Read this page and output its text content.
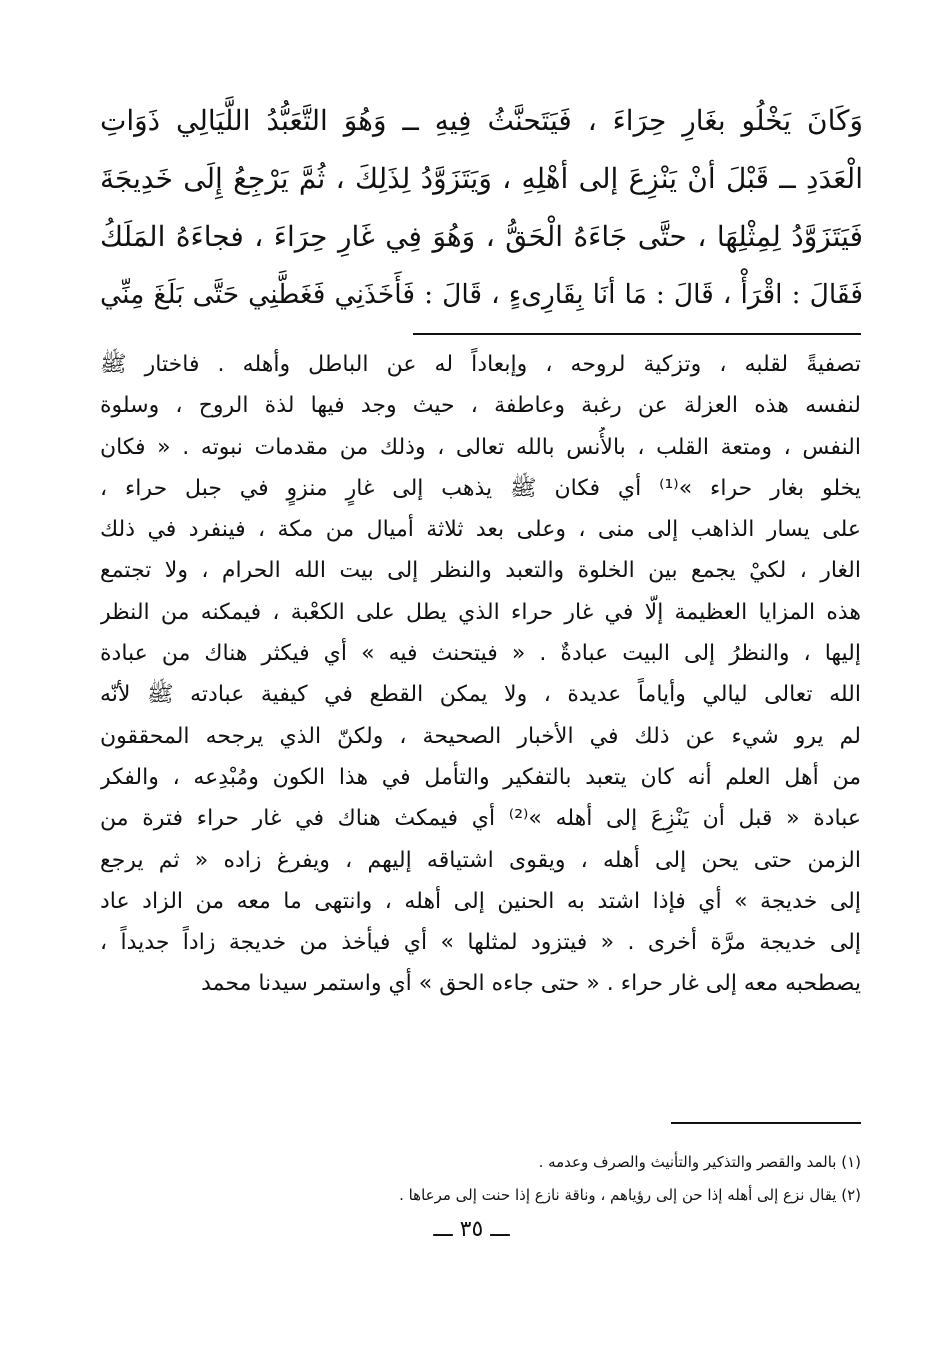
وَكَانَ يَخْلُو بغَارِ حِرَاءَ ، فَيَتَحنَّثُ فِيهِ ــ وَهُوَ التَّعَبُّدُ اللَّيَالِي ذَوَاتِ
الْعَدَدِ ــ قَبْلَ أنْ يَنْزِعَ إلى أهْلِهِ ، وَيَتَزَوَّدُ لِذَلِكَ ، ثُمَّ يَرْجِعُ إِلَى خَدِيجَةَ
فَيَتَزَوَّدُ لِمِثْلِهَا ، حتَّى جَاءَهُ الْحَقُّ ، وَهُوَ فِي غَارِ حِرَاءَ ، فجاءَهُ المَلَكُ
فَقَالَ : اقْرَأْ ، قَالَ : مَا أنَا بِقَارِىءٍ ، قَالَ : فَأَخَذَنِي فَغَطَّنِي حَتَّى بَلَغَ مِنِّي
تصفيةً لقلبه ، وتزكية لروحه ، وإبعاداً له عن الباطل وأهله . فاختار ﷺ
لنفسه هذه العزلة عن رغبة وعاطفة ، حيث وجد فيها لذة الروح ، وسلوة
النفس ، ومتعة القلب ، بالأُنس بالله تعالى ، وذلك من مقدمات نبوته . « فكان
يخلو بغار حراء »⁽¹⁾ أي فكان ﷺ يذهب إلى غارٍ منزوٍ في جبل حراء ،
على يسار الذاهب إلى منى ، وعلى بعد ثلاثة أميال من مكة ، فينفرد في ذلك
الغار ، لكيْ يجمع بين الخلوة والتعبد والنظر إلى بيت الله الحرام ، ولا تجتمع
هذه المزايا العظيمة إلّا في غار حراء الذي يطل على الكعْبة ، فيمكنه من النظر
إليها ، والنظرُ إلى البيت عبادةٌ . « فيتحنث فيه » أي فيكثر هناك من عبادة
الله تعالى ليالي وأياماً عديدة ، ولا يمكن القطع في كيفية عبادته ﷺ لأنّه
لم يرو شيء عن ذلك في الأخبار الصحيحة ، ولكنّ الذي يرجحه المحققون
من أهل العلم أنه كان يتعبد بالتفكير والتأمل في هذا الكون ومُبْدِعه ، والفكر
عبادة « قبل أن يَنْزِعَ إلى أهله »⁽²⁾ أي فيمكث هناك في غار حراء فترة من
الزمن حتى يحن إلى أهله ، ويقوى اشتياقه إليهم ، ويفرغ زاده « ثم يرجع
إلى خديجة » أي فإذا اشتد به الحنين إلى أهله ، وانتهى ما معه من الزاد عاد
إلى خديجة مرَّة أخرى . « فيتزود لمثلها » أي فيأخذ من خديجة زاداً جديداً ،
يصطحبه معه إلى غار حراء . « حتى جاءه الحق » أي واستمر سيدنا محمد
(١) بالمد والقصر والتذكير والتأنيث والصرف وعدمه .
(٢) يقال نزع إلى أهله إذا حن إلى رؤياهم ، وناقة نازع إذا حنت إلى مرعاها .
ـــ ٣٥ ـــ
